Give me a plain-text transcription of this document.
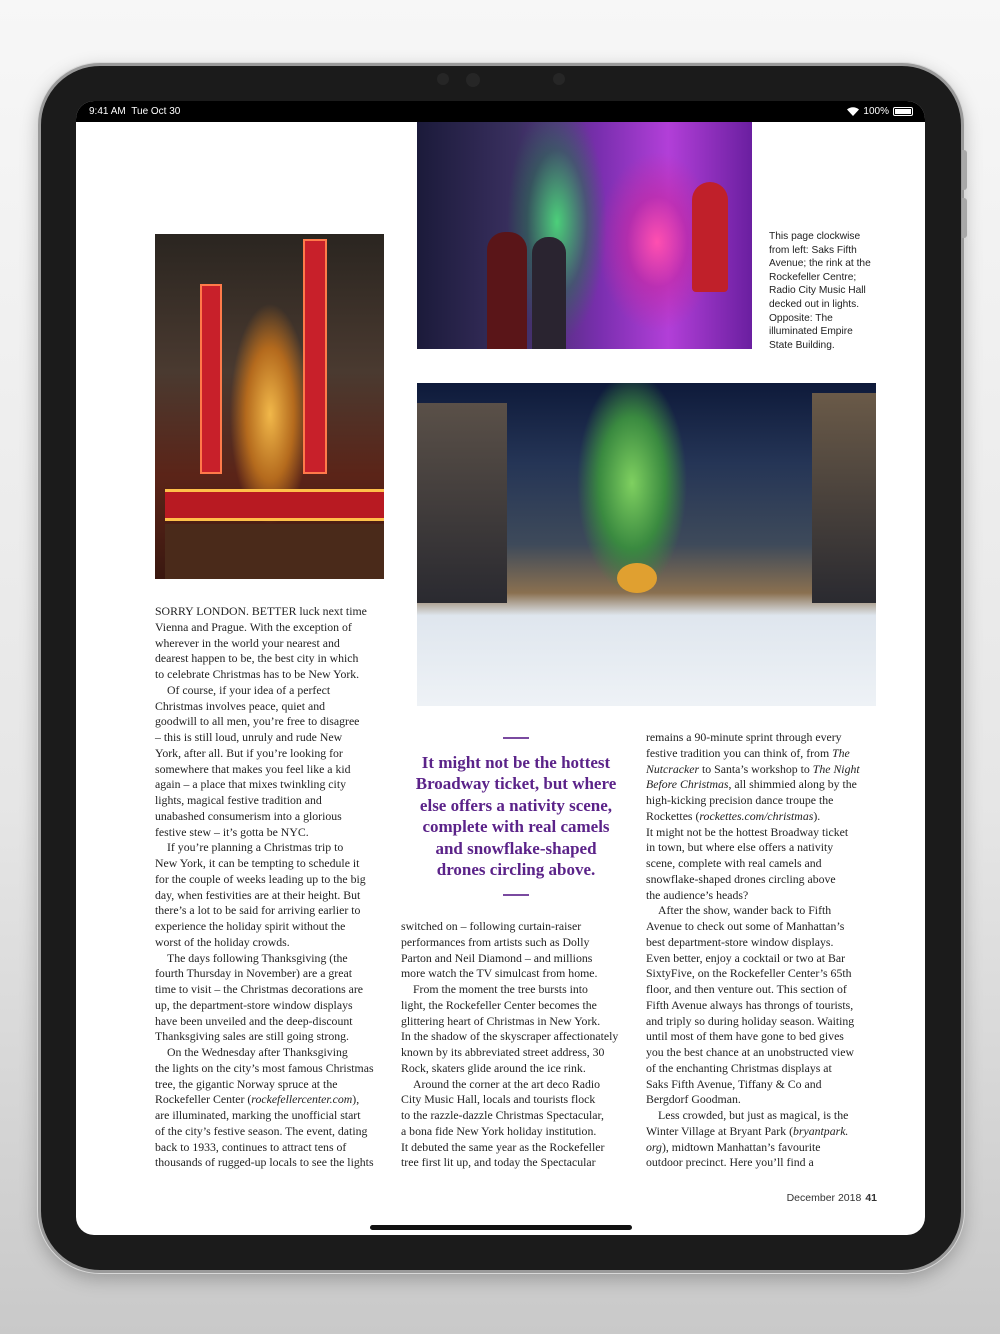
9:41 AM Tue Oct 30	100%
This page clockwise
from left: Saks Fifth
Avenue; the rink at the
Rockefeller Centre;
Radio City Music Hall
decked out in lights.
Opposite: The
illuminated Empire
State Building.
SORRY LONDON. BETTER luck next time
Vienna and Prague. With the exception of
wherever in the world your nearest and
dearest happen to be, the best city in which
to celebrate Christmas has to be New York.
Of course, if your idea of a perfect
Christmas involves peace, quiet and
goodwill to all men, you’re free to disagree
– this is still loud, unruly and rude New
York, after all. But if you’re looking for
somewhere that makes you feel like a kid
again – a place that mixes twinkling city
lights, magical festive tradition and
unabashed consumerism into a glorious
festive stew – it’s gotta be NYC.
If you’re planning a Christmas trip to
New York, it can be tempting to schedule it
for the couple of weeks leading up to the big
day, when festivities are at their height. But
there’s a lot to be said for arriving earlier to
experience the holiday spirit without the
worst of the holiday crowds.
The days following Thanksgiving (the
fourth Thursday in November) are a great
time to visit – the Christmas decorations are
up, the department-store window displays
have been unveiled and the deep-discount
Thanksgiving sales are still going strong.
On the Wednesday after Thanksgiving
the lights on the city’s most famous Christmas
tree, the gigantic Norway spruce at the
Rockefeller Center (rockefellercenter.com),
are illuminated, marking the unofficial start
of the city’s festive season. The event, dating
back to 1933, continues to attract tens of
thousands of rugged-up locals to see the lights
switched on – following curtain-raiser
performances from artists such as Dolly
Parton and Neil Diamond – and millions
more watch the TV simulcast from home.
From the moment the tree bursts into
light, the Rockefeller Center becomes the
glittering heart of Christmas in New York.
In the shadow of the skyscraper affectionately
known by its abbreviated street address, 30
Rock, skaters glide around the ice rink.
Around the corner at the art deco Radio
City Music Hall, locals and tourists flock
to the razzle-dazzle Christmas Spectacular,
a bona fide New York holiday institution.
It debuted the same year as the Rockefeller
tree first lit up, and today the Spectacular
remains a 90-minute sprint through every
festive tradition you can think of, from The
Nutcracker to Santa’s workshop to The Night
Before Christmas, all shimmied along by the
high-kicking precision dance troupe the
Rockettes (rockettes.com/christmas).
It might not be the hottest Broadway ticket
in town, but where else offers a nativity
scene, complete with real camels and
snowflake-shaped drones circling above
the audience’s heads?
After the show, wander back to Fifth
Avenue to check out some of Manhattan’s
best department-store window displays.
Even better, enjoy a cocktail or two at Bar
SixtyFive, on the Rockefeller Center’s 65th
floor, and then venture out. This section of
Fifth Avenue always has throngs of tourists,
and triply so during holiday season. Waiting
until most of them have gone to bed gives
you the best chance at an unobstructed view
of the enchanting Christmas displays at
Saks Fifth Avenue, Tiffany & Co and
Bergdorf Goodman.
Less crowded, but just as magical, is the
Winter Village at Bryant Park (bryantpark.
org), midtown Manhattan’s favourite
outdoor precinct. Here you’ll find a
It might not be the hottest
Broadway ticket, but where
else offers a nativity scene,
complete with real camels
and snowflake-shaped
drones circling above.
December 2018 41
